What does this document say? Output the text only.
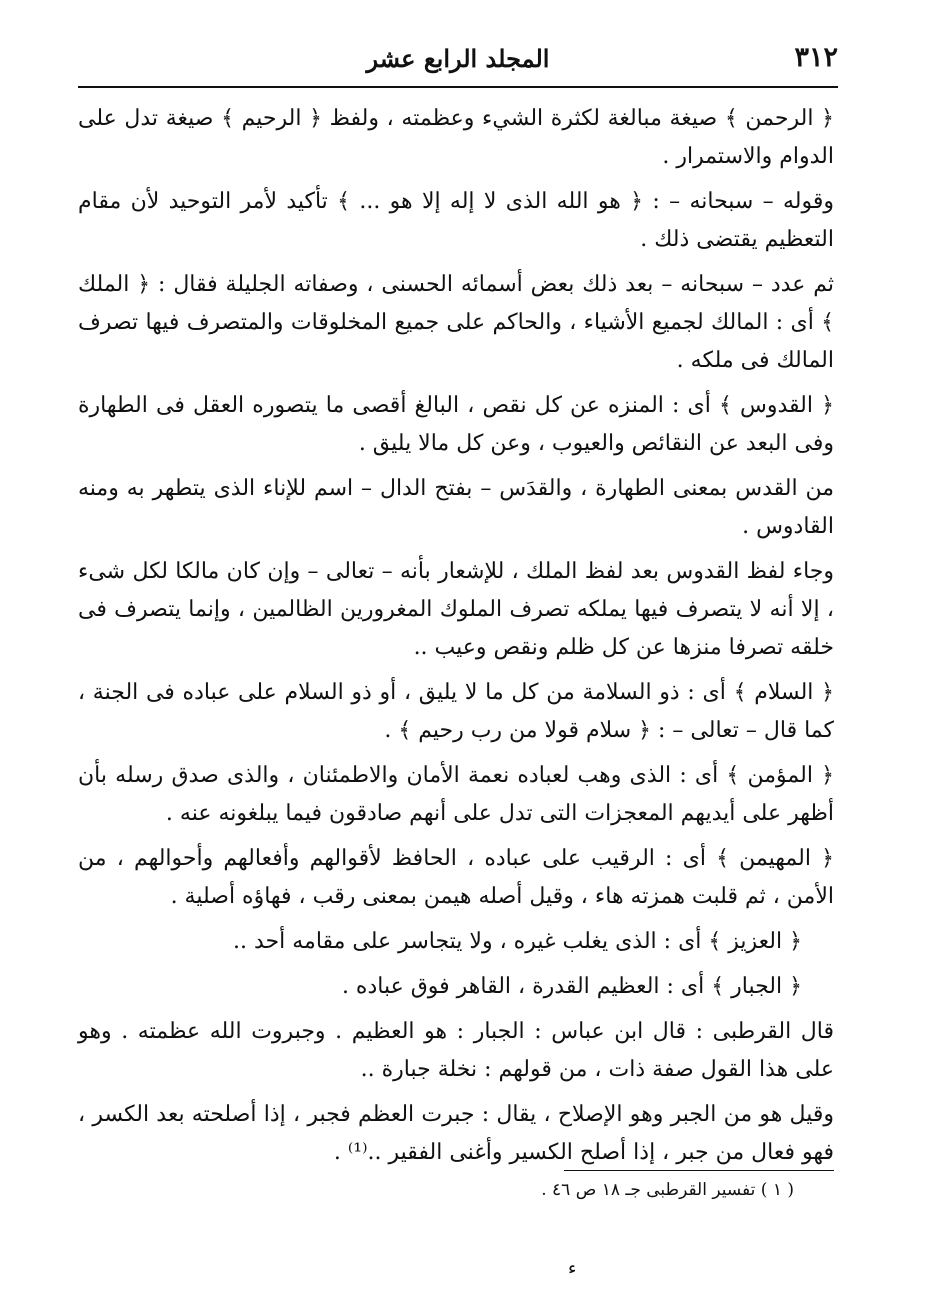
٣١٢
المجلد الرابع عشر

﴿ الرحمن ﴾ صيغة مبالغة لكثرة الشيء وعظمته ، ولفظ ﴿ الرحيم ﴾ صيغة تدل على الدوام والاستمرار .

وقوله – سبحانه – : ﴿ هو الله الذى لا إله إلا هو ... ﴾ تأكيد لأمر التوحيد لأن مقام التعظيم يقتضى ذلك .

ثم عدد – سبحانه – بعد ذلك بعض أسمائه الحسنى ، وصفاته الجليلة فقال : ﴿ الملك ﴾ أى : المالك لجميع الأشياء ، والحاكم على جميع المخلوقات والمتصرف فيها تصرف المالك فى ملكه .

﴿ القدوس ﴾ أى : المنزه عن كل نقص ، البالغ أقصى ما يتصوره العقل فى الطهارة وفى البعد عن النقائص والعيوب ، وعن كل مالا يليق .

من القدس بمعنى الطهارة ، والقدَس – بفتح الدال – اسم للإناء الذى يتطهر به ومنه القادوس .

وجاء لفظ القدوس بعد لفظ الملك ، للإشعار بأنه – تعالى – وإن كان مالكا لكل شىء ، إلا أنه لا يتصرف فيها يملكه تصرف الملوك المغرورين الظالمين ، وإنما يتصرف فى خلقه تصرفا منزها عن كل ظلم ونقص وعيب ..

﴿ السلام ﴾ أى : ذو السلامة من كل ما لا يليق ، أو ذو السلام على عباده فى الجنة ، كما قال – تعالى – : ﴿ سلام قولا من رب رحيم ﴾ .

﴿ المؤمن ﴾ أى : الذى وهب لعباده نعمة الأمان والاطمئنان ، والذى صدق رسله بأن أظهر على أيديهم المعجزات التى تدل على أنهم صادقون فيما يبلغونه عنه .

﴿ المهيمن ﴾ أى : الرقيب على عباده ، الحافظ لأقوالهم وأفعالهم وأحوالهم ، من الأمن ، ثم قلبت همزته هاء ، وقيل أصله هيمن بمعنى رقب ، فهاؤه أصلية .

﴿ العزيز ﴾ أى : الذى يغلب غيره ، ولا يتجاسر على مقامه أحد ..

﴿ الجبار ﴾ أى : العظيم القدرة ، القاهر فوق عباده .

قال القرطبى : قال ابن عباس : الجبار : هو العظيم . وجبروت الله عظمته . وهو على هذا القول صفة ذات ، من قولهم : نخلة جبارة ..

وقيل هو من الجبر وهو الإصلاح ، يقال : جبرت العظم فجبر ، إذا أصلحته بعد الكسر ، فهو فعال من جبر ، إذا أصلح الكسير وأغنى الفقير ..⁽¹⁾ .

( ١ ) تفسير القرطبى جـ ١٨ ص ٤٦ .
ء
